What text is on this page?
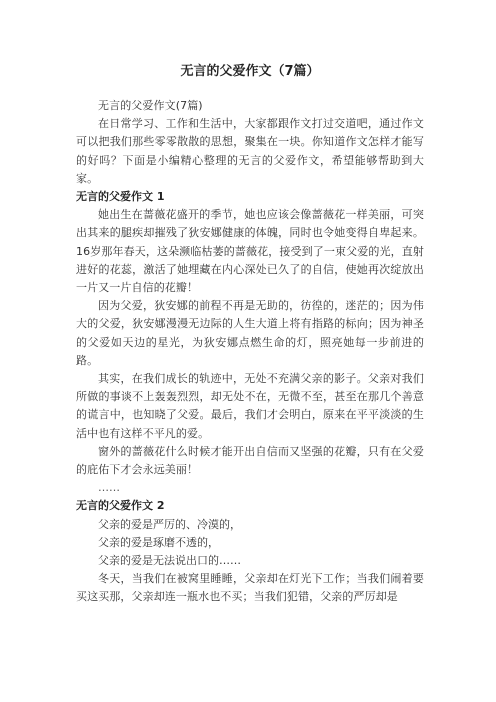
无言的父爱作文（7篇）

无言的父爱作文(7篇)

在日常学习、工作和生活中，大家都跟作文打过交道吧，通过作文可以把我们那些零零散散的思想，聚集在一块。你知道作文怎样才能写的好吗？下面是小编精心整理的无言的父爱作文，希望能够帮助到大家。

无言的父爱作文 1

她出生在蔷薇花盛开的季节，她也应该会像蔷薇花一样美丽，可突出其来的腿疾却摧残了狄安娜健康的体魄，同时也令她变得自卑起来。16岁那年春天，这朵濒临枯萎的蔷薇花，接受到了一束父爱的光，直射进好的花蕊，激活了她埋藏在内心深处已久了的自信，使她再次绽放出一片又一片自信的花瓣！

因为父爱，狄安娜的前程不再是无助的，彷徨的，迷茫的；因为伟大的父爱，狄安娜漫漫无边际的人生大道上将有指路的标向；因为神圣的父爱如天边的星光，为狄安娜点燃生命的灯，照亮她每一步前进的路。

其实，在我们成长的轨迹中，无处不充满父亲的影子。父亲对我们所做的事谈不上轰轰烈烈，却无处不在，无微不至，甚至在那几个善意的谎言中，也知晓了父爱。最后，我们才会明白，原来在平平淡淡的生活中也有这样不平凡的爱。

窗外的蔷薇花什么时候才能开出自信而又坚强的花瓣，只有在父爱的庇佑下才会永远美丽！

……

无言的父爱作文 2

父亲的爱是严厉的、冷漠的，

父亲的爱是琢磨不透的，

父亲的爱是无法说出口的……

冬天，当我们在被窝里睡睡，父亲却在灯光下工作；当我们闹着要买这买那，父亲却连一瓶水也不买；当我们犯错，父亲的严厉却是
